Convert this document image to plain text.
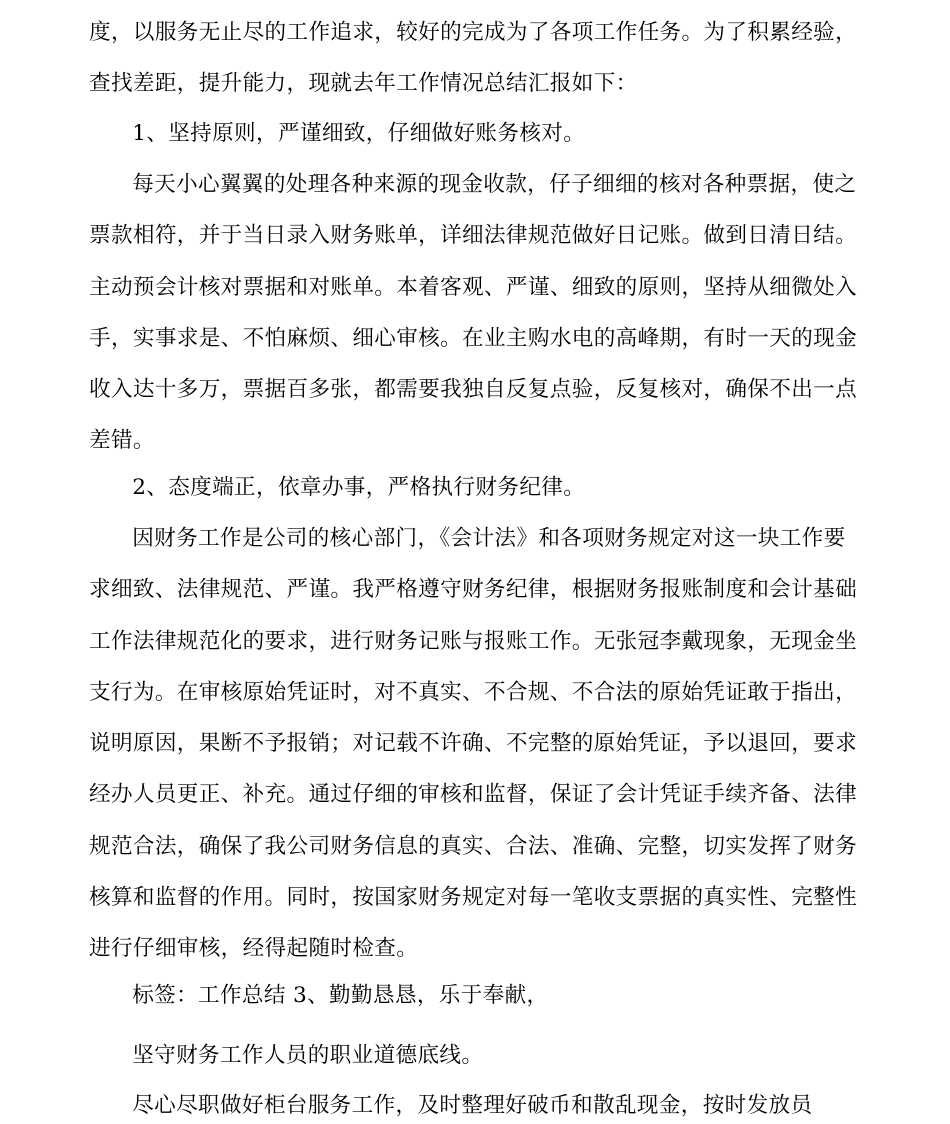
度，以服务无止尽的工作追求，较好的完成为了各项工作任务。为了积累经验，查找差距，提升能力，现就去年工作情况总结汇报如下：

1、坚持原则，严谨细致，仔细做好账务核对。

每天小心翼翼的处理各种来源的现金收款，仔子细细的核对各种票据，使之票款相符，并于当日录入财务账单，详细法律规范做好日记账。做到日清日结。主动预会计核对票据和对账单。本着客观、严谨、细致的原则，坚持从细微处入手，实事求是、不怕麻烦、细心审核。在业主购水电的高峰期，有时一天的现金收入达十多万，票据百多张，都需要我独自反复点验，反复核对，确保不出一点差错。

2、态度端正，依章办事，严格执行财务纪律。

因财务工作是公司的核心部门，《会计法》和各项财务规定对这一块工作要求细致、法律规范、严谨。我严格遵守财务纪律，根据财务报账制度和会计基础工作法律规范化的要求，进行财务记账与报账工作。无张冠李戴现象，无现金坐支行为。在审核原始凭证时，对不真实、不合规、不合法的原始凭证敢于指出，说明原因，果断不予报销；对记载不许确、不完整的原始凭证，予以退回，要求经办人员更正、补充。通过仔细的审核和监督，保证了会计凭证手续齐备、法律规范合法，确保了我公司财务信息的真实、合法、准确、完整，切实发挥了财务核算和监督的作用。同时，按国家财务规定对每一笔收支票据的真实性、完整性进行仔细审核，经得起随时检查。

标签：工作总结 3、勤勤恳恳，乐于奉献，

坚守财务工作人员的职业道德底线。

尽心尽职做好柜台服务工作，及时整理好破币和散乱现金，按时发放员
